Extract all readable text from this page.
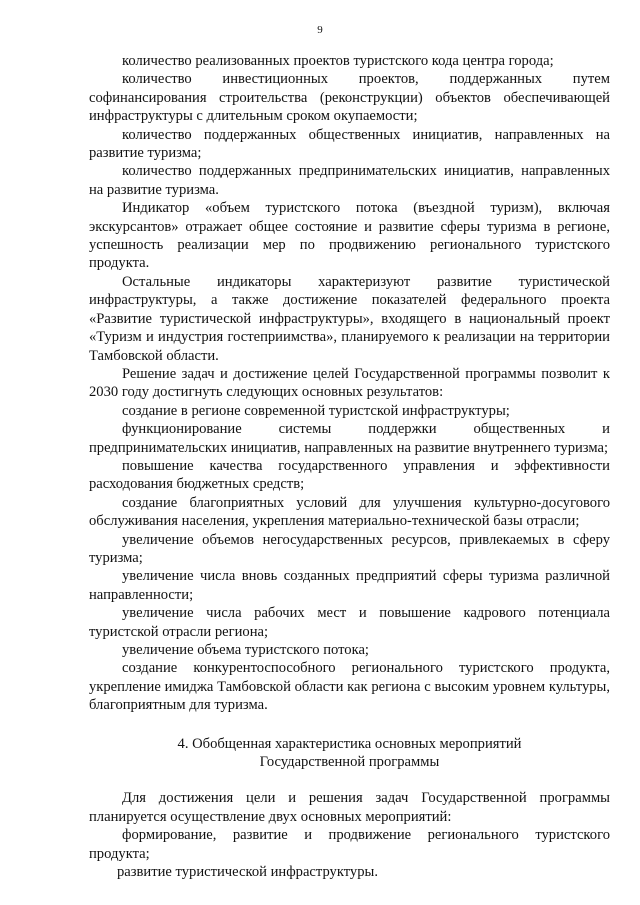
9

количество реализованных проектов туристского кода центра города;

количество инвестиционных проектов, поддержанных путем софинансирования строительства (реконструкции) объектов обеспечивающей инфраструктуры с длительным сроком окупаемости;

количество поддержанных общественных инициатив, направленных на развитие туризма;

количество поддержанных предпринимательских инициатив, направленных на развитие туризма.

Индикатор «объем туристского потока (въездной туризм), включая экскурсантов» отражает общее состояние и развитие сферы туризма в регионе, успешность реализации мер по продвижению регионального туристского продукта.

Остальные индикаторы характеризуют развитие туристической инфраструктуры, а также достижение показателей федерального проекта «Развитие туристической инфраструктуры», входящего в национальный проект «Туризм и индустрия гостеприимства», планируемого к реализации на территории Тамбовской области.

Решение задач и достижение целей Государственной программы позволит к 2030 году достигнуть следующих основных результатов:

создание в регионе современной туристской инфраструктуры;

функционирование системы поддержки общественных и предпринимательских инициатив, направленных на развитие внутреннего туризма;

повышение качества государственного управления и эффективности расходования бюджетных средств;

создание благоприятных условий для улучшения культурно-досугового обслуживания населения, укрепления материально-технической базы отрасли;

увеличение объемов негосударственных ресурсов, привлекаемых в сферу туризма;

увеличение числа вновь созданных предприятий сферы туризма различной направленности;

увеличение числа рабочих мест и повышение кадрового потенциала туристской отрасли региона;

увеличение объема туристского потока;

создание конкурентоспособного регионального туристского продукта, укрепление имиджа Тамбовской области как региона с высоким уровнем культуры, благоприятным для туризма.

4. Обобщенная характеристика основных мероприятий
Государственной программы

Для достижения цели и решения задач Государственной программы планируется осуществление двух основных мероприятий:

формирование, развитие и продвижение регионального туристского продукта;

развитие туристической инфраструктуры.
